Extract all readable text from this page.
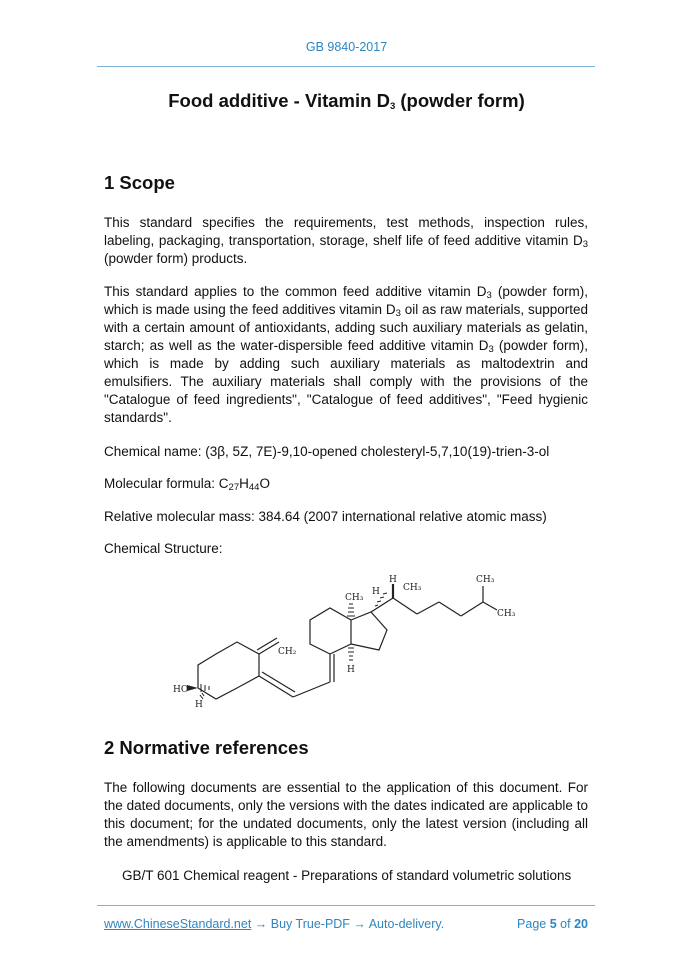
GB 9840-2017
Food additive - Vitamin $D_3$ (powder form)
1 Scope
This standard specifies the requirements, test methods, inspection rules, labeling, packaging, transportation, storage, shelf life of feed additive vitamin $D_3$ (powder form) products.
This standard applies to the common feed additive vitamin $D_3$ (powder form), which is made using the feed additives vitamin $D_3$ oil as raw materials, supported with a certain amount of antioxidants, adding such auxiliary materials as gelatin, starch; as well as the water-dispersible feed additive vitamin $D_3$ (powder form), which is made by adding such auxiliary materials as maltodextrin and emulsifiers. The auxiliary materials shall comply with the provisions of the "Catalogue of feed ingredients", "Catalogue of feed additives", "Feed hygienic standards".
Chemical name: (3β, 5Z, 7E)-9,10-opened cholesteryl-5,7,10(19)-trien-3-ol
Molecular formula: $C_{27}H_{44}O$
Relative molecular mass: 384.64 (2007 international relative atomic mass)
Chemical Structure:
H
CH₃
CH₃
CH₃
CH₃
H
CH₂
H
HO
H
2 Normative references
The following documents are essential to the application of this document. For the dated documents, only the versions with the dates indicated are applicable to this document; for the undated documents, only the latest version (including all the amendments) is applicable to this standard.
GB/T 601 Chemical reagent - Preparations of standard volumetric solutions
www.ChineseStandard.net → Buy True-PDF → Auto-delivery.	Page 5 of 20
